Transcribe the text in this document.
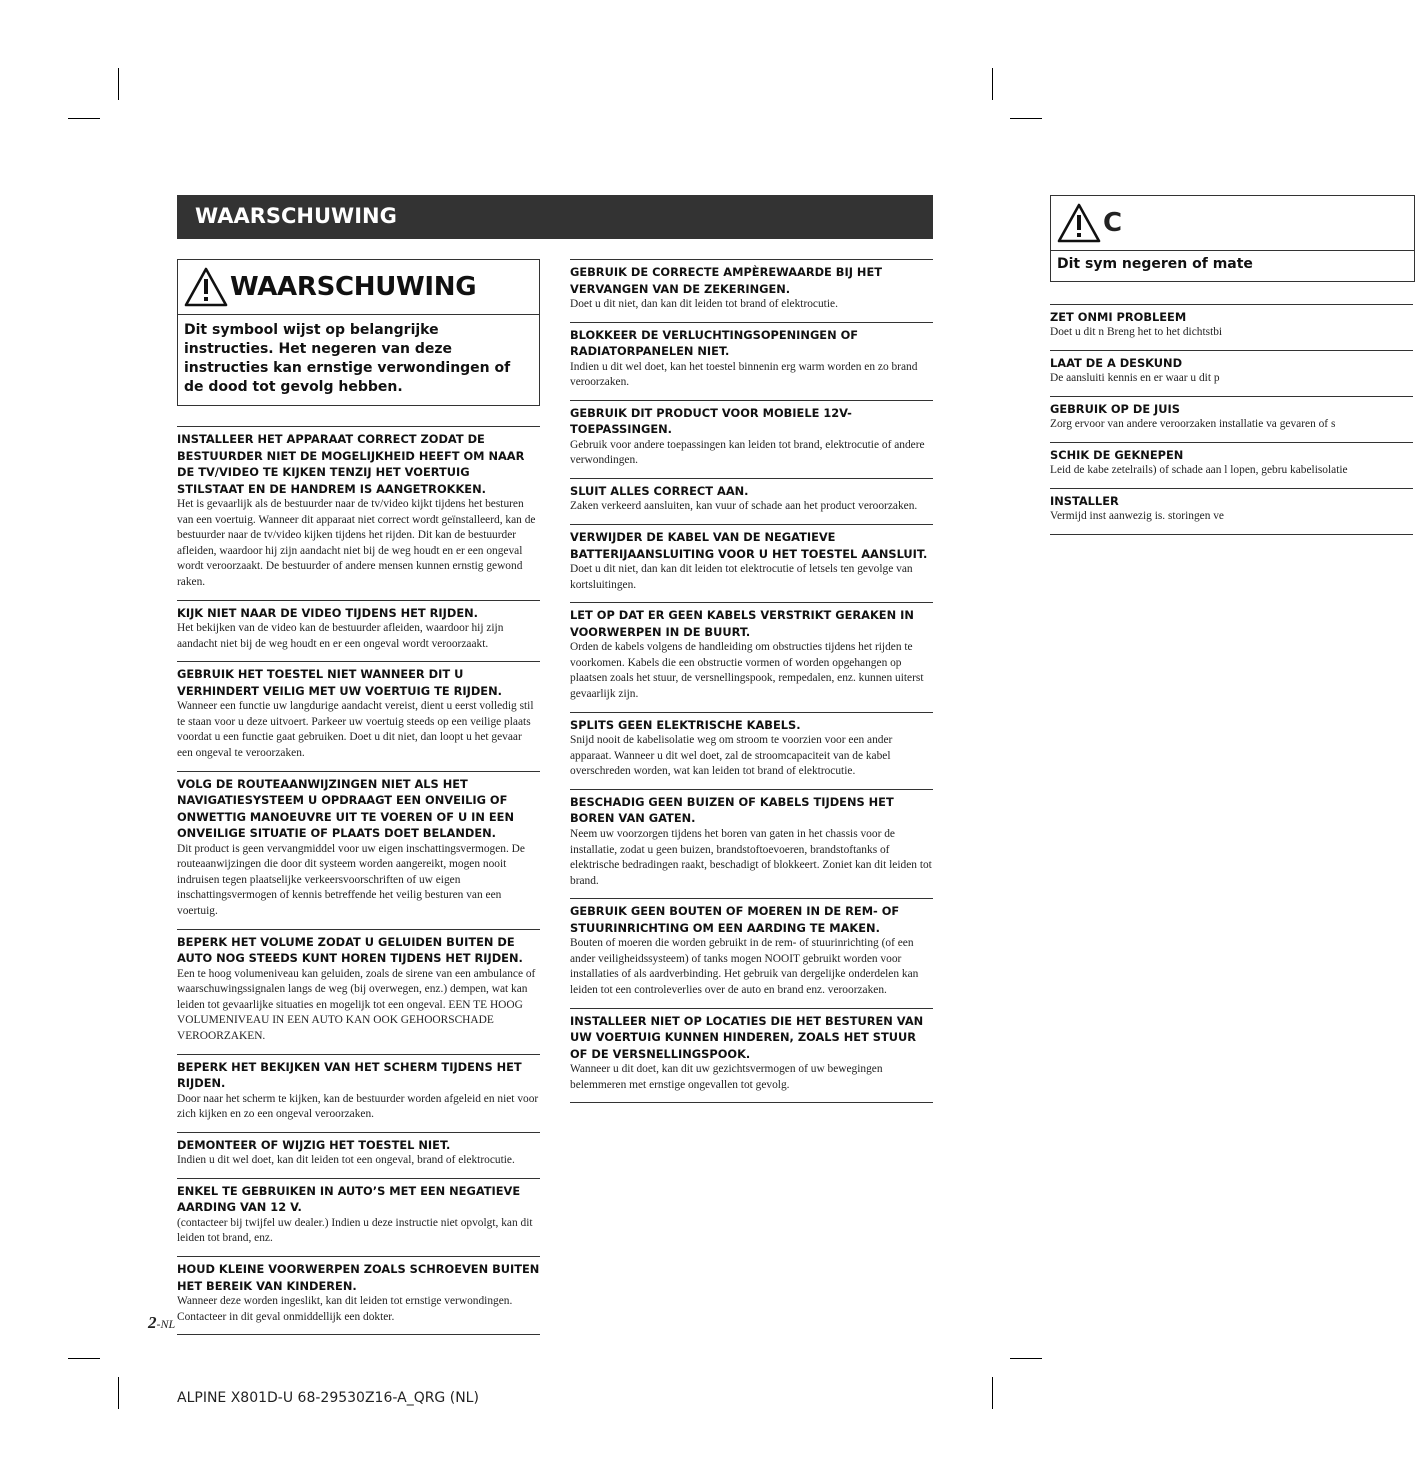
WAARSCHUWING
WAARSCHUWING
Dit symbool wijst op belangrijke instructies. Het negeren van deze instructies kan ernstige verwondingen of de dood tot gevolg hebben.
INSTALLEER HET APPARAAT CORRECT ZODAT DE BESTUURDER NIET DE MOGELIJKHEID HEEFT OM NAAR DE TV/VIDEO TE KIJKEN TENZIJ HET VOERTUIG STILSTAAT EN DE HANDREM IS AANGETROKKEN.

Het is gevaarlijk als de bestuurder naar de tv/video kijkt tijdens het besturen van een voertuig. Wanneer dit apparaat niet correct wordt geïnstalleerd, kan de bestuurder naar de tv/video kijken tijdens het rijden. Dit kan de bestuurder afleiden, waardoor hij zijn aandacht niet bij de weg houdt en er een ongeval wordt veroorzaakt. De bestuurder of andere mensen kunnen ernstig gewond raken.

KIJK NIET NAAR DE VIDEO TIJDENS HET RIJDEN.

Het bekijken van de video kan de bestuurder afleiden, waardoor hij zijn aandacht niet bij de weg houdt en er een ongeval wordt veroorzaakt.

GEBRUIK HET TOESTEL NIET WANNEER DIT U VERHINDERT VEILIG MET UW VOERTUIG TE RIJDEN.

Wanneer een functie uw langdurige aandacht vereist, dient u eerst volledig stil te staan voor u deze uitvoert. Parkeer uw voertuig steeds op een veilige plaats voordat u een functie gaat gebruiken. Doet u dit niet, dan loopt u het gevaar een ongeval te veroorzaken.

VOLG DE ROUTEAANWIJZINGEN NIET ALS HET NAVIGATIESYSTEEM U OPDRAAGT EEN ONVEILIG OF ONWETTIG MANOEUVRE UIT TE VOEREN OF U IN EEN ONVEILIGE SITUATIE OF PLAATS DOET BELANDEN.

Dit product is geen vervangmiddel voor uw eigen inschattingsvermogen. De routeaanwijzingen die door dit systeem worden aangereikt, mogen nooit indruisen tegen plaatselijke verkeersvoorschriften of uw eigen inschattingsvermogen of kennis betreffende het veilig besturen van een voertuig.

BEPERK HET VOLUME ZODAT U GELUIDEN BUITEN DE AUTO NOG STEEDS KUNT HOREN TIJDENS HET RIJDEN.

Een te hoog volumeniveau kan geluiden, zoals de sirene van een ambulance of waarschuwingssignalen langs de weg (bij overwegen, enz.) dempen, wat kan leiden tot gevaarlijke situaties en mogelijk tot een ongeval. EEN TE HOOG VOLUMENIVEAU IN EEN AUTO KAN OOK GEHOORSCHADE VEROORZAKEN.

BEPERK HET BEKIJKEN VAN HET SCHERM TIJDENS HET RIJDEN.

Door naar het scherm te kijken, kan de bestuurder worden afgeleid en niet voor zich kijken en zo een ongeval veroorzaken.

DEMONTEER OF WIJZIG HET TOESTEL NIET.

Indien u dit wel doet, kan dit leiden tot een ongeval, brand of elektrocutie.

ENKEL TE GEBRUIKEN IN AUTO’S MET EEN NEGATIEVE AARDING VAN 12 V.

(contacteer bij twijfel uw dealer.) Indien u deze instructie niet opvolgt, kan dit leiden tot brand, enz.

HOUD KLEINE VOORWERPEN ZOALS SCHROEVEN BUITEN HET BEREIK VAN KINDEREN.

Wanneer deze worden ingeslikt, kan dit leiden tot ernstige verwondingen. Contacteer in dit geval onmiddellijk een dokter.

GEBRUIK DE CORRECTE AMPÈREWAARDE BIJ HET VERVANGEN VAN DE ZEKERINGEN.

Doet u dit niet, dan kan dit leiden tot brand of elektrocutie.

BLOKKEER DE VERLUCHTINGSOPENINGEN OF RADIATORPANELEN NIET.

Indien u dit wel doet, kan het toestel binnenin erg warm worden en zo brand veroorzaken.

GEBRUIK DIT PRODUCT VOOR MOBIELE 12V-TOEPASSINGEN.

Gebruik voor andere toepassingen kan leiden tot brand, elektrocutie of andere verwondingen.

SLUIT ALLES CORRECT AAN.

Zaken verkeerd aansluiten, kan vuur of schade aan het product veroorzaken.

VERWIJDER DE KABEL VAN DE NEGATIEVE BATTERIJAANSLUITING VOOR U HET TOESTEL AANSLUIT.

Doet u dit niet, dan kan dit leiden tot elektrocutie of letsels ten gevolge van kortsluitingen.

LET OP DAT ER GEEN KABELS VERSTRIKT GERAKEN IN VOORWERPEN IN DE BUURT.

Orden de kabels volgens de handleiding om obstructies tijdens het rijden te voorkomen. Kabels die een obstructie vormen of worden opgehangen op plaatsen zoals het stuur, de versnellingspook, rempedalen, enz. kunnen uiterst gevaarlijk zijn.

SPLITS GEEN ELEKTRISCHE KABELS.

Snijd nooit de kabelisolatie weg om stroom te voorzien voor een ander apparaat. Wanneer u dit wel doet, zal de stroomcapaciteit van de kabel overschreden worden, wat kan leiden tot brand of elektrocutie.

BESCHADIG GEEN BUIZEN OF KABELS TIJDENS HET BOREN VAN GATEN.

Neem uw voorzorgen tijdens het boren van gaten in het chassis voor de installatie, zodat u geen buizen, brandstoftoevoeren, brandstoftanks of elektrische bedradingen raakt, beschadigt of blokkeert. Zoniet kan dit leiden tot brand.

GEBRUIK GEEN BOUTEN OF MOEREN IN DE REM- OF STUURINRICHTING OM EEN AARDING TE MAKEN.

Bouten of moeren die worden gebruikt in de rem- of stuurinrichting (of een ander veiligheidssysteem) of tanks mogen NOOIT gebruikt worden voor installaties of als aardverbinding. Het gebruik van dergelijke onderdelen kan leiden tot een controleverlies over de auto en brand enz. veroorzaken.

INSTALLEER NIET OP LOCATIES DIE HET BESTUREN VAN UW VOERTUIG KUNNEN HINDEREN, ZOALS HET STUUR OF DE VERSNELLINGSPOOK.

Wanneer u dit doet, kan dit uw gezichtsvermogen of uw bewegingen belemmeren met ernstige ongevallen tot gevolg.

C
Dit sym negeren of mate
ZET ONMI PROBLEEM

Doet u dit n Breng het to het dichtstbi

LAAT DE A DESKUND

De aansluiti kennis en er waar u dit p

GEBRUIK OP DE JUIS

Zorg ervoor van andere veroorzaken installatie va gevaren of s

SCHIK DE GEKNEPEN

Leid de kabe zetelrails) of schade aan l lopen, gebru kabelisolatie

INSTALLER

Vermijd inst aanwezig is. storingen ve

2-NL
ALPINE X801D-U 68-29530Z16-A_QRG (NL)
